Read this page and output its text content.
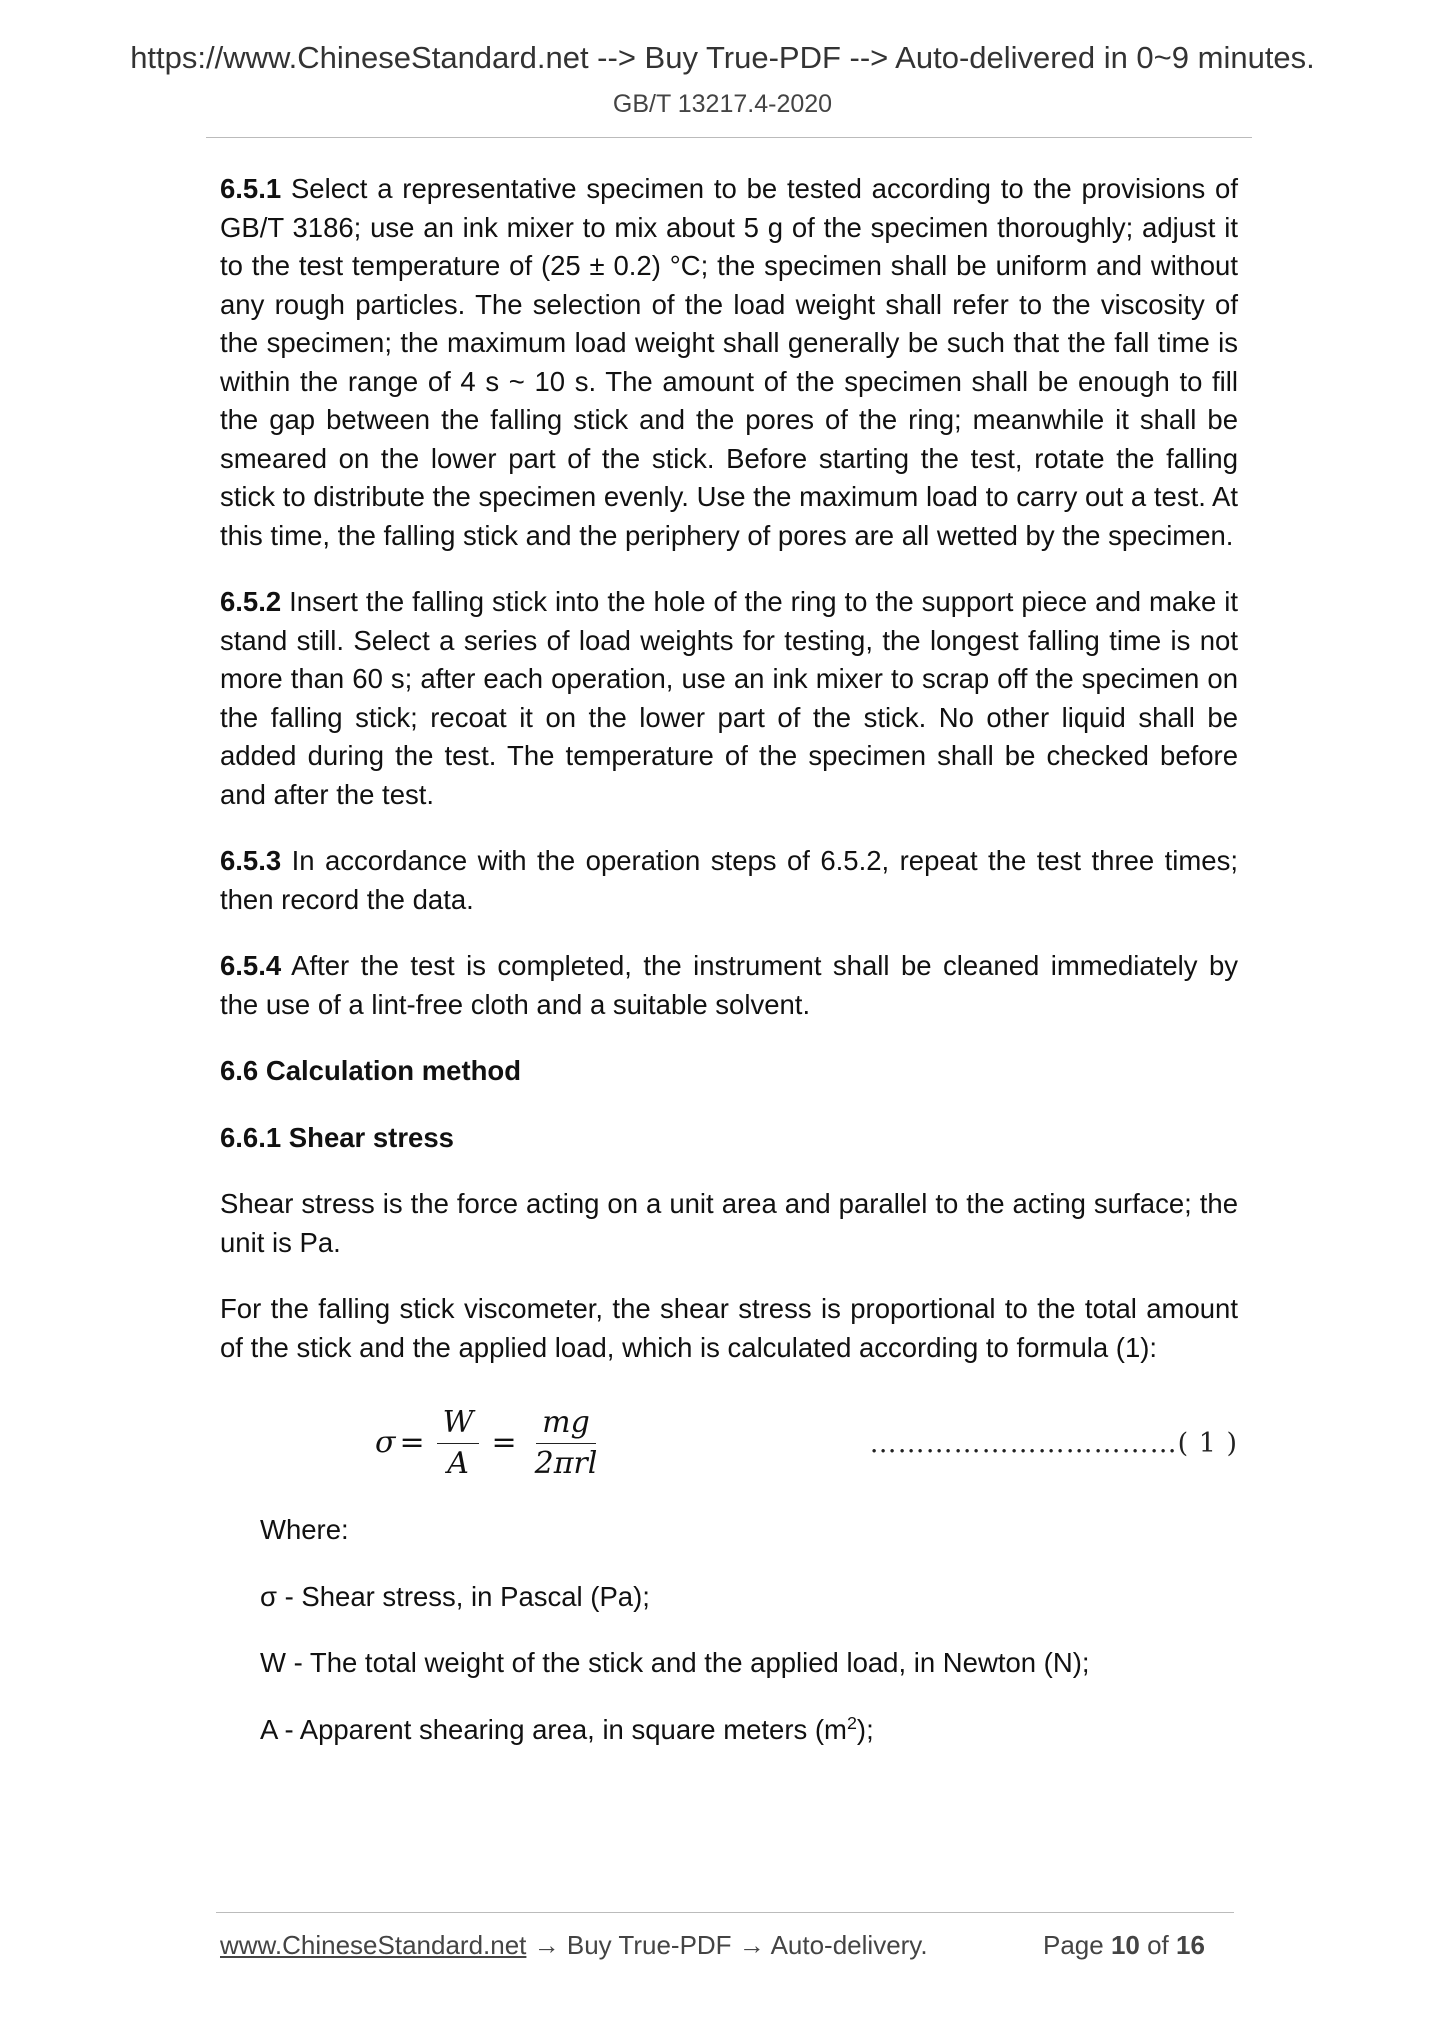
https://www.ChineseStandard.net --> Buy True-PDF --> Auto-delivered in 0~9 minutes.
GB/T 13217.4-2020

6.5.1 Select a representative specimen to be tested according to the provisions of GB/T 3186; use an ink mixer to mix about 5 g of the specimen thoroughly; adjust it to the test temperature of (25 ± 0.2) °C; the specimen shall be uniform and without any rough particles. The selection of the load weight shall refer to the viscosity of the specimen; the maximum load weight shall generally be such that the fall time is within the range of 4 s ~ 10 s. The amount of the specimen shall be enough to fill the gap between the falling stick and the pores of the ring; meanwhile it shall be smeared on the lower part of the stick. Before starting the test, rotate the falling stick to distribute the specimen evenly. Use the maximum load to carry out a test. At this time, the falling stick and the periphery of pores are all wetted by the specimen.

6.5.2 Insert the falling stick into the hole of the ring to the support piece and make it stand still. Select a series of load weights for testing, the longest falling time is not more than 60 s; after each operation, use an ink mixer to scrap off the specimen on the falling stick; recoat it on the lower part of the stick. No other liquid shall be added during the test. The temperature of the specimen shall be checked before and after the test.

6.5.3 In accordance with the operation steps of 6.5.2, repeat the test three times; then record the data.

6.5.4 After the test is completed, the instrument shall be cleaned immediately by the use of a lint-free cloth and a suitable solvent.

6.6 Calculation method
6.6.1 Shear stress

Shear stress is the force acting on a unit area and parallel to the acting surface; the unit is Pa.

For the falling stick viscometer, the shear stress is proportional to the total amount of the stick and the applied load, which is calculated according to formula (1):

$\sigma = \frac{W}{A} = \frac{mg}{\text{2πrl}}$	……………………………( 1 )

Where:

σ - Shear stress, in Pascal (Pa);

W - The total weight of the stick and the applied load, in Newton (N);

A - Apparent shearing area, in square meters $(m^2)$;

www.ChineseStandard.net → Buy True-PDF → Auto-delivery.	Page 10 of 16
